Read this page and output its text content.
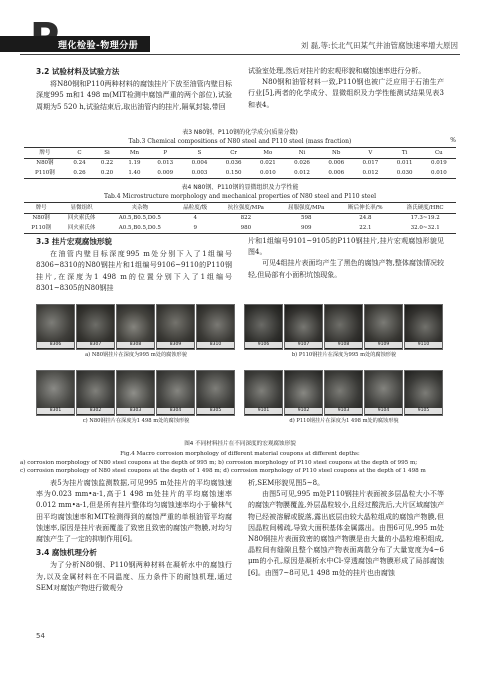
理化检验-物理分册	刘 磊,等:长北气田某气井油管腐蚀速率增大原因

3.2 试验材料及试验方法

将N80钢和P110两种材料的腐蚀挂片下放至油管内壁目标深度995 m和1 498 m(MIT检测中腐蚀严重的两个部位),试验周期为5 520 h,试验结束后,取出油管内的挂片,隔氧封装,带回

试验室处理,然后对挂片的宏观形貌和腐蚀速率进行分析。

N80钢和油管材料一致,P110钢也被广泛应用于石油生产行业[5],两者的化学成分、显微组织及力学性能测试结果见表3和表4。

表3 N80钢、P110钢的化学成分(质量分数)
Tab.3 Chemical compositions of N80 steel and P110 steel (mass fraction)	%
牌号	C	Si	Mn	P	S	Cr	Mo	Ni	Nb	V	Ti	Cu
N80钢	0.24	0.22	1.19	0.013	0.004	0.036	0.021	0.026	0.006	0.017	0.011	0.019
P110钢	0.26	0.20	1.40	0.009	0.003	0.150	0.010	0.012	0.006	0.012	0.030	0.010
表4 N80钢、P110钢的显微组织及力学性能
Tab.4 Microstructure morphology and mechanical properties of N80 steel and P110 steel
牌号	显微组织	夹杂物	晶粒度/级	抗拉强度/MPa	屈服强度/MPa	断后伸长率/%	洛氏硬度/HRC
N80钢	回火索氏体	A0.5,B0.5,D0.5	4	822	598	24.8	17.3~19.2
P110钢	回火索氏体	A0.5,B0.5,D0.5	9	980	909	22.1	32.0~32.1

3.3 挂片宏观腐蚀形貌

在油管内壁目标深度995 m处分别下入了1组编号8306~8310的N80钢挂片和1组编号9106~9110的P110钢挂片,在深度为1 498 m的位置分别下入了1组编号8301~8305的N80钢挂

片和1组编号9101~9105的P110钢挂片,挂片宏观腐蚀形貌见图4。

可见4组挂片表面均产生了黑色的腐蚀产物,整体腐蚀情况较轻,但局部有小面积坑蚀现象。

8306	8307	8308	8309	8310
a) N80钢挂片在深度为995 m处的腐蚀形貌
9106	9107	9108	9109	9110
b) P110钢挂片在深度为995 m处的腐蚀形貌
8301	8302	8303	8304	8305
c) N80钢挂片在深度为1 498 m处的腐蚀形貌
9101	9102	9103	9104	9105
d) P110钢挂片在深度为1 498 m处的腐蚀形貌
图4 不同材料挂片在不同深度的宏观腐蚀形貌
Fig.4 Macro corrosion morphology of different material coupons at different depths:
a) corrosion morphology of N80 steel coupons at the depth of 995 m; b) corrosion morphology of P110 steel coupons at the depth of 995 m;
c) corrosion morphology of N80 steel coupons at the depth of 1 498 m; d) corrosion morphology of P110 steel coupons at the depth of 1 498 m

表5为挂片腐蚀监测数据,可见995 m处挂片的平均腐蚀速率为0.023 mm•a-1,高于1 498 m处挂片的平均腐蚀速率0.012 mm•a-1,但是所有挂片整体均匀腐蚀速率均小于榆林气田平均腐蚀速率和MIT检测得到的腐蚀严重的单根油管平均腐蚀速率,原因是挂片表面覆盖了致密且致密的腐蚀产物膜,对均匀腐蚀产生了一定的抑制作用[6]。

3.4 腐蚀机理分析

为了分析N80钢、P110钢两种材料在凝析水中的腐蚀行为,以及金属材料在不同温度、压力条件下的耐蚀机理,通过SEM对腐蚀产物进行微观分

析,SEM形貌见图5~8。

由图5可见,995 m处P110钢挂片表面被多层晶粒大小不等的腐蚀产物膜覆盖,外层晶粒较小,且经过酸洗后,大片区域腐蚀产物已经被溶解或脱落,露出底层由较大晶粒组成的腐蚀产物膜,但因晶粒间稀疏,导致大面积基体金属露出。由图6可见,995 m处N80钢挂片表面致密的腐蚀产物膜是由大量的小晶粒堆积组成,晶粒间有缝隙且整个腐蚀产物表面离散分布了大量宽度为4~6 μm的小孔,原因是凝析水中Cl-穿透腐蚀产物膜形成了局部腐蚀[6]。由图7~8可见,1 498 m处的挂片也由腐蚀

54
